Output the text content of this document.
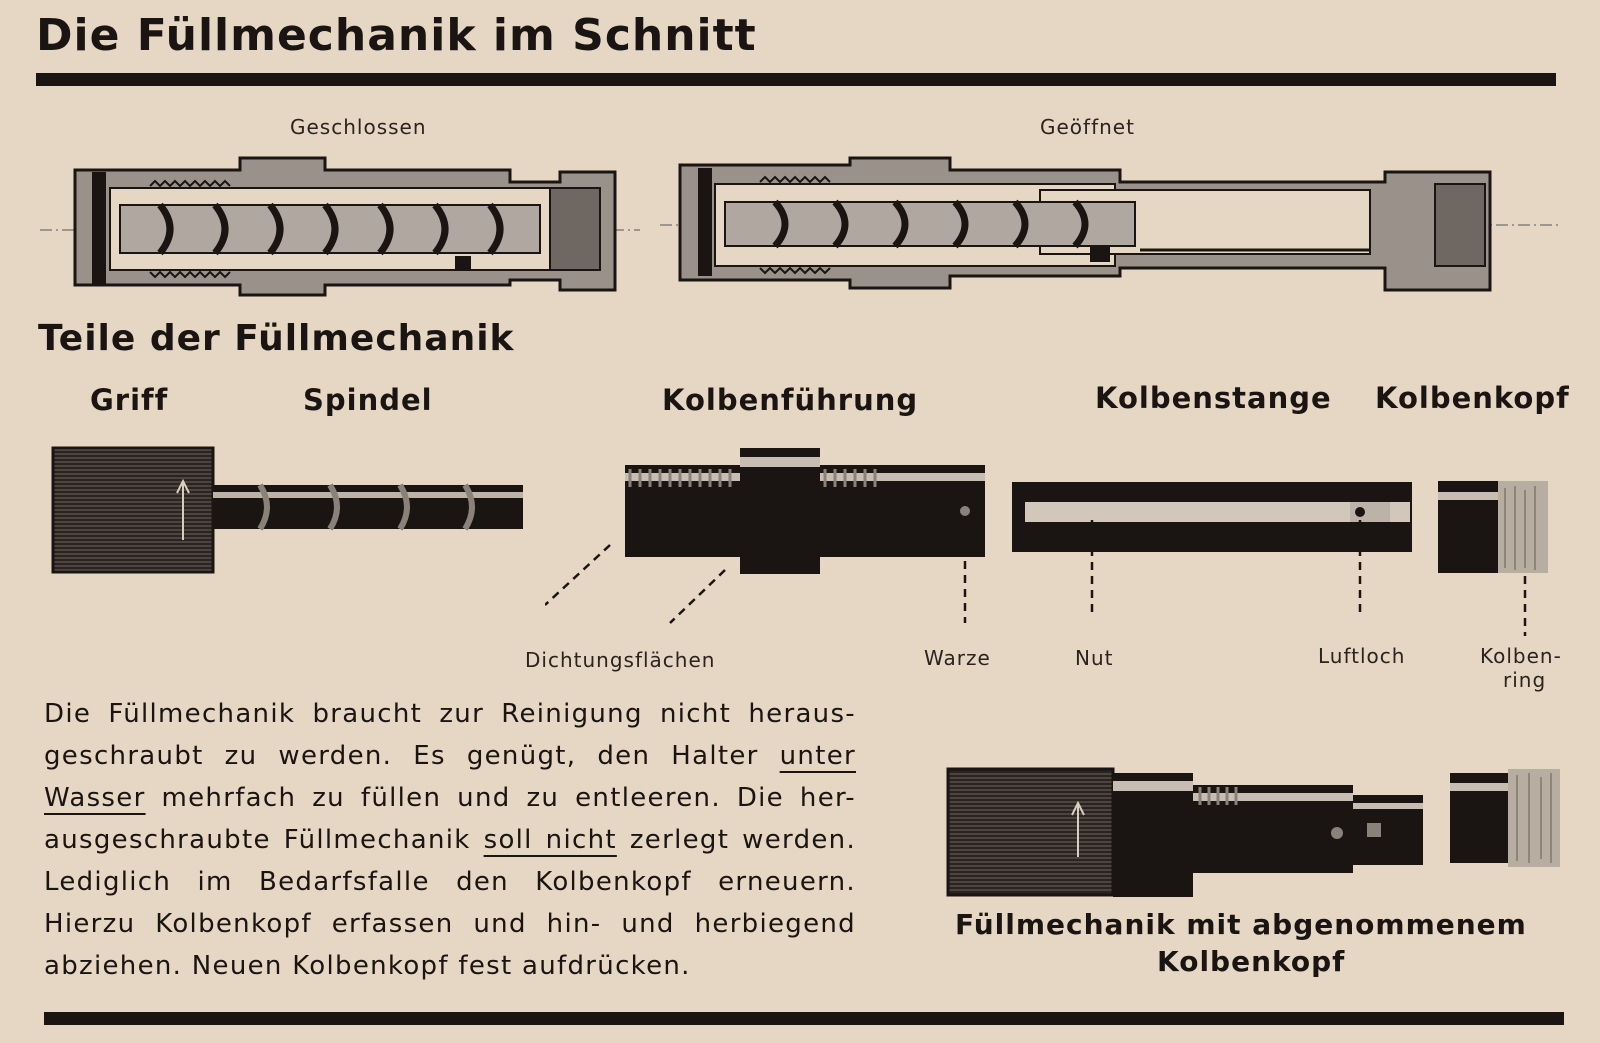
Die Füllmechanik im Schnitt
Geschlossen	Geöffnet
Teile der Füllmechanik
Griff	Spindel	Kolbenführung	Kolbenstange Kolbenkopf
Dichtungsflächen	Warze	Nut	Luftloch	Kolben-
ring
Die Füllmechanik braucht zur Reinigung nicht heraus-
geschraubt zu werden. Es genügt, den Halter unter
Wasser mehrfach zu füllen und zu entleeren. Die her-
ausgeschraubte Füllmechanik soll nicht zerlegt werden.
Lediglich im Bedarfsfalle den Kolbenkopf erneuern.
Hierzu Kolbenkopf erfassen und hin- und herbiegend
abziehen. Neuen Kolbenkopf fest aufdrücken.
Füllmechanik mit abgenommenem
Kolbenkopf
